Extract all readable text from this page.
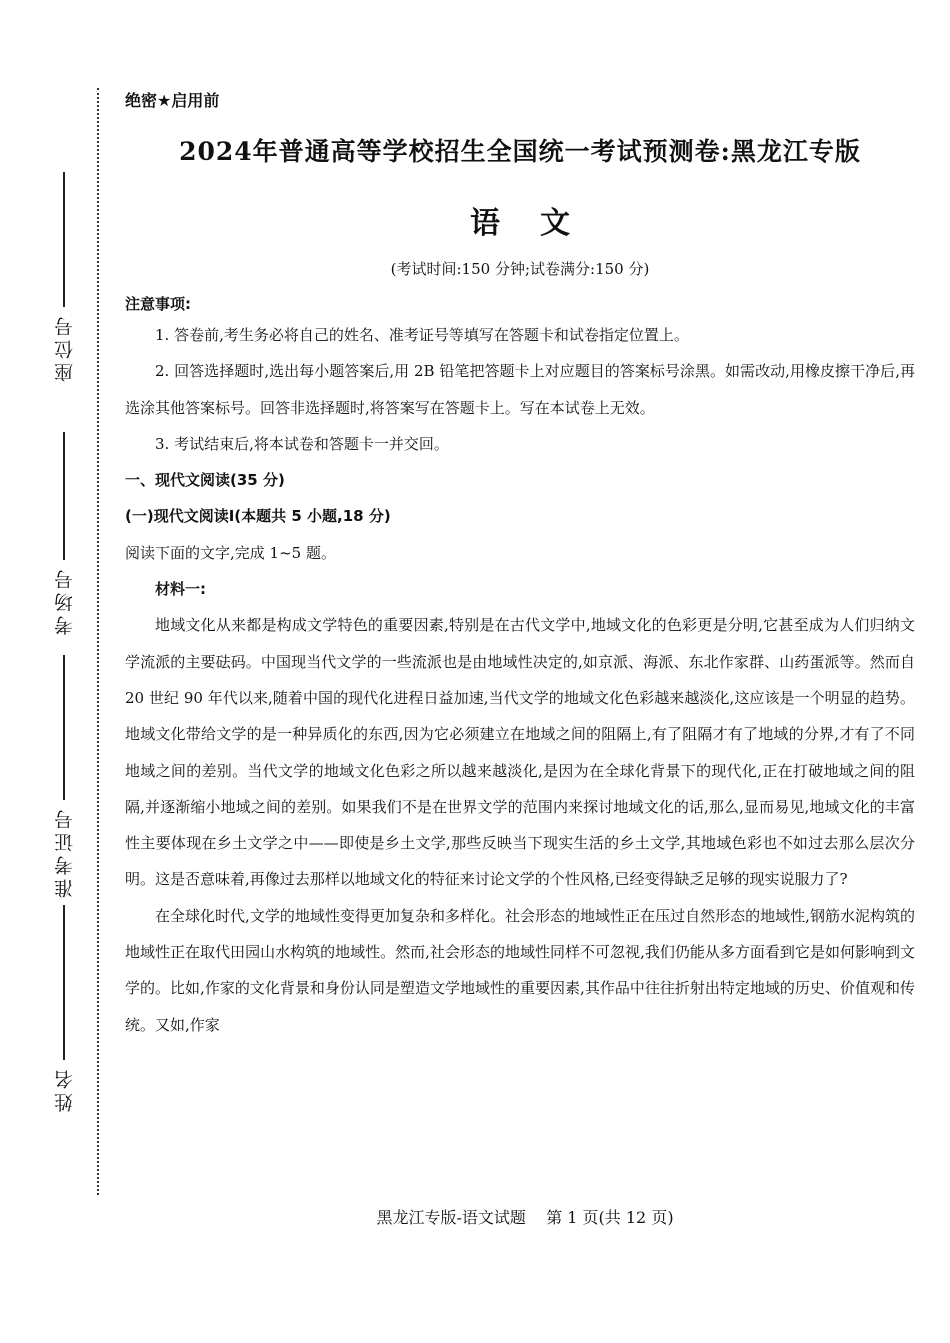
座位号
考场号
准考证号
姓名
绝密★启用前
2024年普通高等学校招生全国统一考试预测卷:黑龙江专版
语文
(考试时间:150 分钟;试卷满分:150 分)
注意事项:

1. 答卷前,考生务必将自己的姓名、准考证号等填写在答题卡和试卷指定位置上。

2. 回答选择题时,选出每小题答案后,用 2B 铅笔把答题卡上对应题目的答案标号涂黑。如需改动,用橡皮擦干净后,再选涂其他答案标号。回答非选择题时,将答案写在答题卡上。写在本试卷上无效。

3. 考试结束后,将本试卷和答题卡一并交回。

一、现代文阅读(35 分)

(一)现代文阅读Ⅰ(本题共 5 小题,18 分)

阅读下面的文字,完成 1~5 题。

材料一:

地域文化从来都是构成文学特色的重要因素,特别是在古代文学中,地域文化的色彩更是分明,它甚至成为人们归纳文学流派的主要砝码。中国现当代文学的一些流派也是由地域性决定的,如京派、海派、东北作家群、山药蛋派等。然而自 20 世纪 90 年代以来,随着中国的现代化进程日益加速,当代文学的地域文化色彩越来越淡化,这应该是一个明显的趋势。地域文化带给文学的是一种异质化的东西,因为它必须建立在地域之间的阻隔上,有了阻隔才有了地域的分界,才有了不同地域之间的差别。当代文学的地域文化色彩之所以越来越淡化,是因为在全球化背景下的现代化,正在打破地域之间的阻隔,并逐渐缩小地域之间的差别。如果我们不是在世界文学的范围内来探讨地域文化的话,那么,显而易见,地域文化的丰富性主要体现在乡土文学之中——即使是乡土文学,那些反映当下现实生活的乡土文学,其地域色彩也不如过去那么层次分明。这是否意味着,再像过去那样以地域文化的特征来讨论文学的个性风格,已经变得缺乏足够的现实说服力了?

在全球化时代,文学的地域性变得更加复杂和多样化。社会形态的地域性正在压过自然形态的地域性,钢筋水泥构筑的地域性正在取代田园山水构筑的地域性。然而,社会形态的地域性同样不可忽视,我们仍能从多方面看到它是如何影响到文学的。比如,作家的文化背景和身份认同是塑造文学地域性的重要因素,其作品中往往折射出特定地域的历史、价值观和传统。又如,作家

黑龙江专版-语文试题    第 1 页(共 12 页)
